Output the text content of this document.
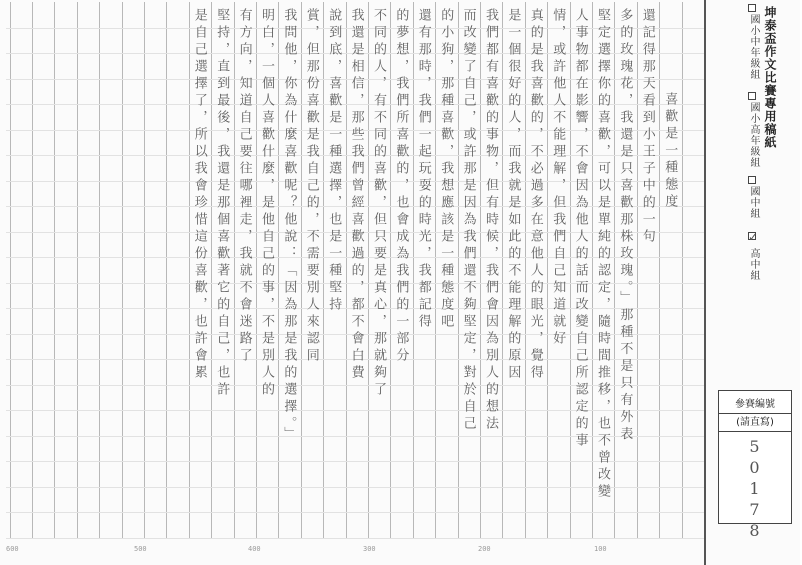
喜歡是一種態度
還記得那天看到小王子中的一句
多的玫瑰花，我還是只喜歡那株玫瑰。」那種不是只有外表
堅定選擇你的喜歡，可以是單純的認定，隨時間推移，也不曾改變
人事物都在影響，不會因為他人的話而改變自己所認定的事
情，或許他人不能理解，但我們自己知道就好
真的是我喜歡的，不必過多在意他人的眼光，覺得
是一個很好的人，而我就是如此的不能理解的原因
我們都有喜歡的事物，但有時候，我們會因為別人的想法
而改變了自己，或許那是因為我們還不夠堅定，對於自己
的小狗，那種喜歡，我想應該是一種態度吧
還有那時，我們一起玩耍的時光，我都記得
的夢想，我們所喜歡的，也會成為我們的一部分
不同的人，有不同的喜歡，但只要是真心，那就夠了
我還是相信，那些我們曾經喜歡過的，都不會白費
說到底，喜歡是一種選擇，也是一種堅持
賞，但那份喜歡是我自己的，不需要別人來認同
我問他，你為什麼喜歡呢？他說：「因為那是我的選擇。」
明白，一個人喜歡什麼，是他自己的事，不是別人的
有方向，知道自己要往哪裡走，我就不會迷路了
堅持，直到最後，我還是那個喜歡著它的自己，也許
是自己選擇了，所以我會珍惜這份喜歡，也許會累
600	500	400	300	200	100
坤泰盃作文比賽專用稿紙
國小中年級組
國小高年級組
國中組
✓
高中組
參賽編號
(請直寫)
50178
